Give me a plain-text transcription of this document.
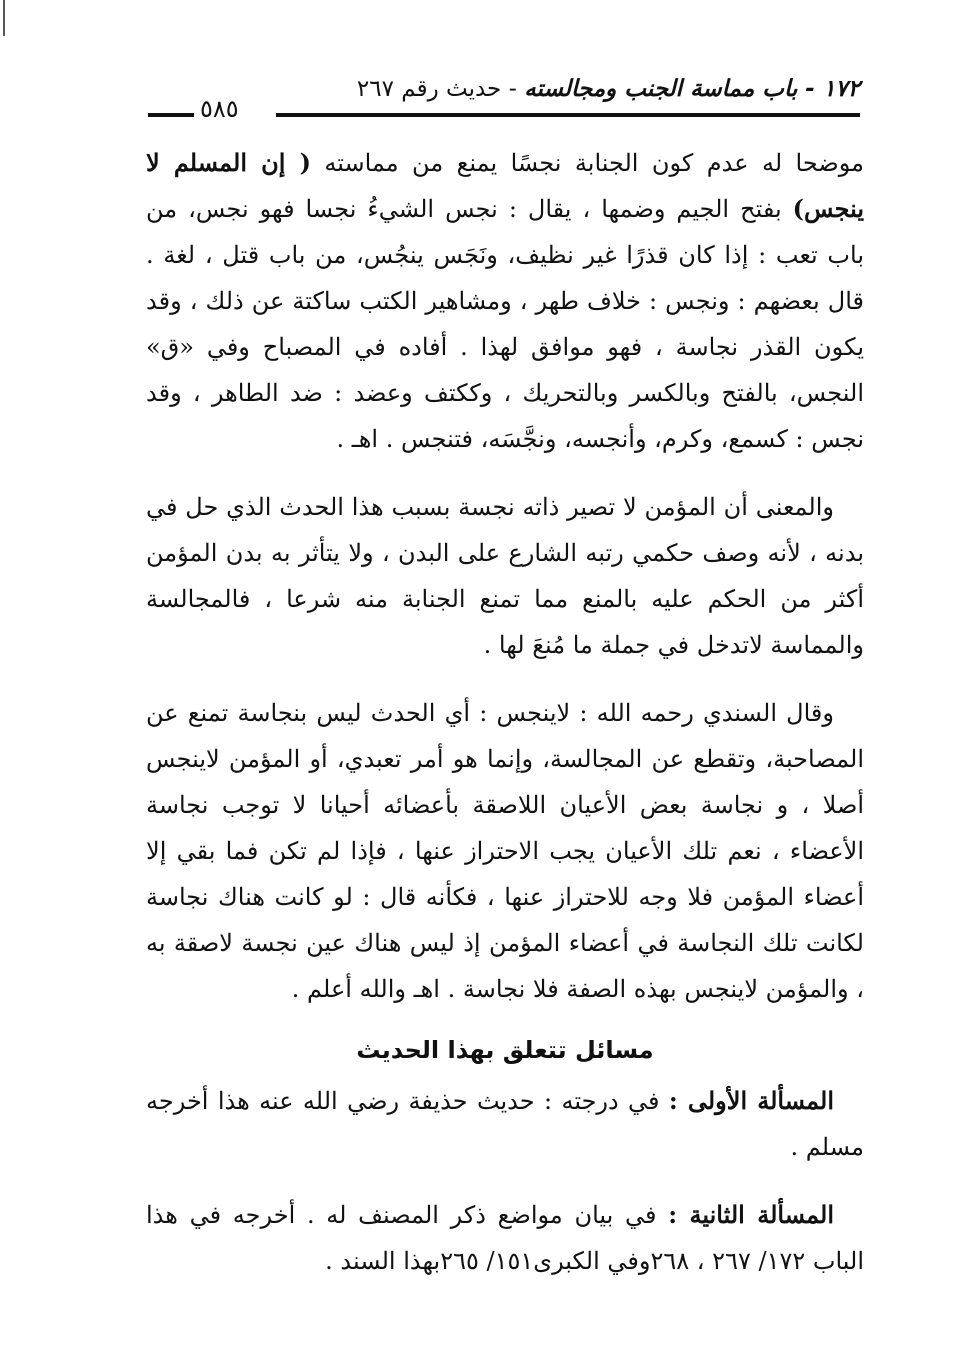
١٧٢ - باب مماسة الجنب ومجالسته - حديث رقم ٢٦٧
٥٨٥

موضحا له عدم كون الجنابة نجسًا يمنع من مماسته ( إن المسلم لا ينجس) بفتح الجيم وضمها ، يقال : نجس الشيءُ نجسا فهو نجس، من باب تعب : إذا كان قذرًا غير نظيف، ونَجَس ينجُس، من باب قتل ، لغة . قال بعضهم : ونجس : خلاف طهر ، ومشاهير الكتب ساكتة عن ذلك ، وقد يكون القذر نجاسة ، فهو موافق لهذا . أفاده في المصباح وفي «ق» النجس، بالفتح وبالكسر وبالتحريك ، وككتف وعضد : ضد الطاهر ، وقد نجس : كسمع، وكرم، وأنجسه، ونجَّسَه، فتنجس . اهـ .

والمعنى أن المؤمن لا تصير ذاته نجسة بسبب هذا الحدث الذي حل في بدنه ، لأنه وصف حكمي رتبه الشارع على البدن ، ولا يتأثر به بدن المؤمن أكثر من الحكم عليه بالمنع مما تمنع الجنابة منه شرعا ، فالمجالسة والمماسة لاتدخل في جملة ما مُنعَ لها .

وقال السندي رحمه الله : لاينجس : أي الحدث ليس بنجاسة تمنع عن المصاحبة، وتقطع عن المجالسة، وإنما هو أمر تعبدي، أو المؤمن لاينجس أصلا ، و نجاسة بعض الأعيان اللاصقة بأعضائه أحيانا لا توجب نجاسة الأعضاء ، نعم تلك الأعيان يجب الاحتراز عنها ، فإذا لم تكن فما بقي إلا أعضاء المؤمن فلا وجه للاحتراز عنها ، فكأنه قال : لو كانت هناك نجاسة لكانت تلك النجاسة في أعضاء المؤمن إذ ليس هناك عين نجسة لاصقة به ، والمؤمن لاينجس بهذه الصفة فلا نجاسة . اهـ والله أعلم .

مسائل تتعلق بهذا الحديث

المسألة الأولى : في درجته : حديث حذيفة رضي الله عنه هذا أخرجه مسلم .

المسألة الثانية : في بيان مواضع ذكر المصنف له . أخرجه في هذا الباب ١٧٢/ ٢٦٧ ، ٢٦٨وفي الكبرى١٥١/ ٢٦٥بهذا السند .
